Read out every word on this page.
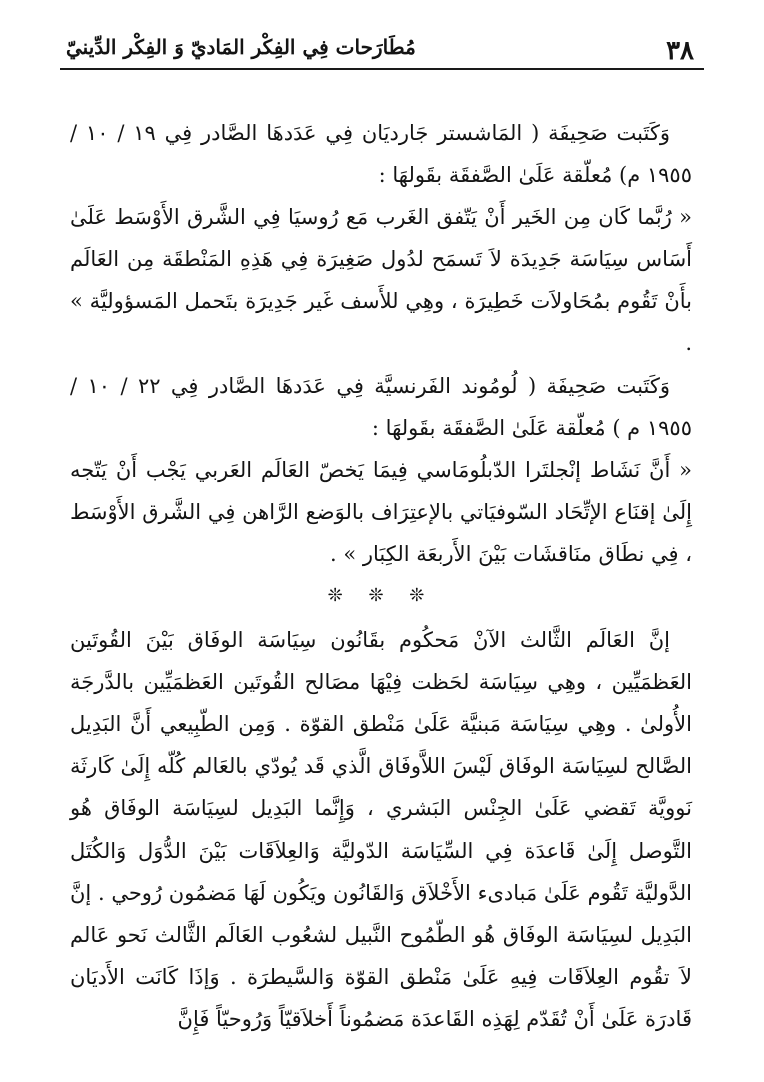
٣٨
مُطَارَحات فِي الفِكْر المَاديّ وَ الفِكْر الدِّينيّ

وَكَتَبت صَحِيفَة ( المَاشستر جَارديَان فِي عَدَدهَا الصَّادر فِي ١٩ / ١٠ / ١٩٥٥ م) مُعلّقة عَلَىٰ الصَّفقَة بقَولهَا :

« رُبَّما كَان مِن الخَير أَنْ يَتّفق الغَرب مَع رُوسيَا فِي الشَّرق الأَوْسَط عَلَىٰ أَسَاس سِيَاسَة جَدِيدَة لاَ تَسمَح لدُول صَغِيرَة فِي هَذِهِ المَنْطقَة مِن العَالَم بأَنْ تَقُوم بمُحَاولاَت خَطِيرَة ، وهِي للأَسف غَير جَدِيرَة بتَحمل المَسؤوليَّة » .

وَكَتَبت صَحِيفَة ( لُومُوند الفَرنسيَّة فِي عَدَدهَا الصَّادر فِي ٢٢ / ١٠ / ١٩٥٥ م ) مُعلّقة عَلَىٰ الصَّفقَة بقَولهَا :

« أَنَّ نَشَاط إنْجلتَرا الدّبلُومَاسي فِيمَا يَخصّ العَالَم العَربي يَجْب أَنْ يَتّجه إِلَىٰ إقنَاع الإتِّحَاد السّوفيَاتي بالإعتِرَاف بالوَضع الرَّاهن فِي الشَّرق الأَوْسَط ، فِي نطَاق منَاقشَات بَيْنَ الأَربعَة الكِبَار » .

❊ ❊ ❊

إنَّ العَالَم الثَّالث الآنْ مَحكُوم بقَانُون سِيَاسَة الوفَاق بَيْنَ القُوتَين العَظمَيِّين ، وهِي سِيَاسَة لحَظت فِيْهَا مصَالح القُوتَين العَظمَيِّين بالدَّرجَة الأُولىٰ . وهِي سِيَاسَة مَبنيَّة عَلَىٰ مَنْطق القوّة . وَمِن الطّبِيعي أَنَّ البَدِيل الصَّالح لسِيَاسَة الوفَاق لَيْسَ اللاَّوفَاق الَّذي قَد يُودّي بالعَالم كُلّه إِلَىٰ كَارثَة نَوويَّة تَقضي عَلَىٰ الجِنْس البَشري ، وَإِنَّما البَدِيل لسِيَاسَة الوفَاق هُو التَّوصل إِلَىٰ قَاعدَة فِي السِّيَاسَة الدّوليَّة وَالعِلاَقَات بَيْنَ الدُّوَل وَالكُتَل الدَّوليَّة تَقُوم عَلَىٰ مَبادىء الأَخْلاَق وَالقَانُون ويَكُون لَهَا مَضمُون رُوحي . إنَّ البَدِيل لسِيَاسَة الوفَاق هُو الطّمُوح النَّبيل لشعُوب العَالَم الثَّالث نَحو عَالم لاَ تقُوم العِلاَقَات فِيهِ عَلَىٰ مَنْطق القوّة وَالسَّيطرَة . وَإذَا كَانَت الأَديَان قَادرَة عَلَىٰ أَنْ تُقَدّم لِهَذِه القَاعدَة مَضمُوناً أَخلاَقيّاً وَرُوحيّاً فَإِنَّ
